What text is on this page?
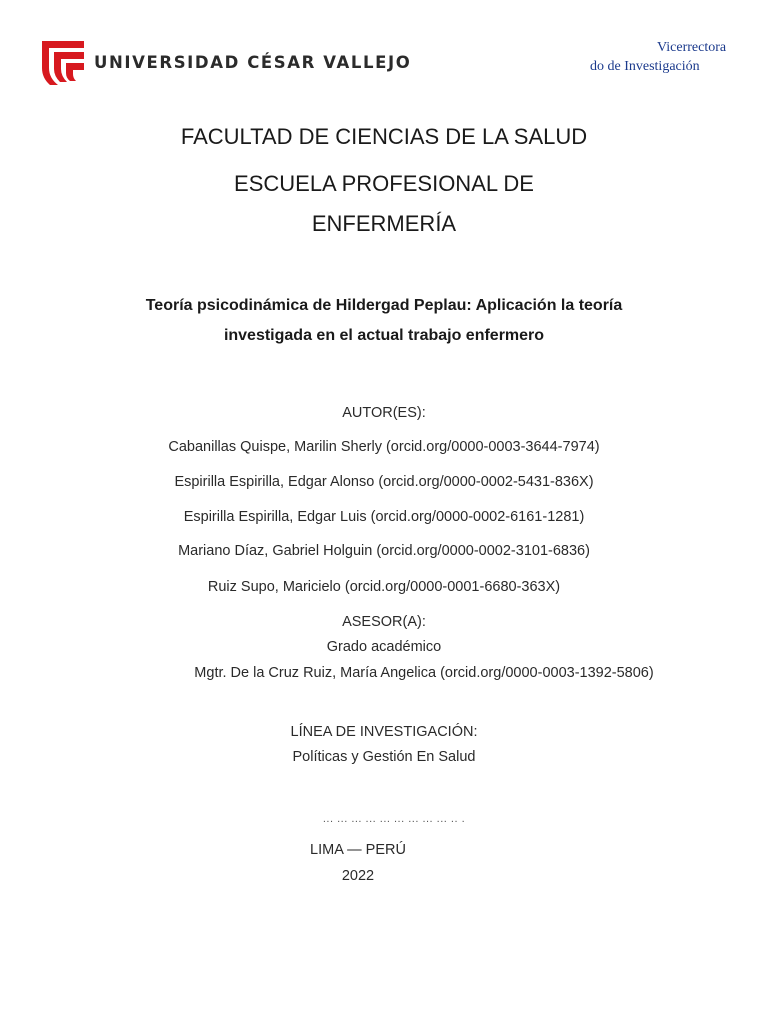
UNIVERSIDAD CÉSAR VALLEJO
Vicerrectora
do de Investigación
FACULTAD DE CIENCIAS DE LA SALUD
ESCUELA PROFESIONAL DE
ENFERMERÍA
Teoría psicodinámica de Hildergad Peplau: Aplicación la teoría
investigada en el actual trabajo enfermero
AUTOR(ES):
Cabanillas Quispe, Marilin Sherly (orcid.org/0000-0003-3644-7974)
Espirilla Espirilla, Edgar Alonso (orcid.org/0000-0002-5431-836X)
Espirilla Espirilla, Edgar Luis (orcid.org/0000-0002-6161-1281)
Mariano Díaz, Gabriel Holguin (orcid.org/0000-0002-3101-6836)
Ruiz Supo, Maricielo (orcid.org/0000-0001-6680-363X)
ASESOR(A):
Grado académico
Mgtr. De la Cruz Ruiz, María Angelica (orcid.org/0000-0003-1392-5806)
LÍNEA DE INVESTIGACIÓN:
Políticas y Gestión En Salud
... ... ... ... ... ... ... ... ... .. .
LIMA — PERÚ
2022
